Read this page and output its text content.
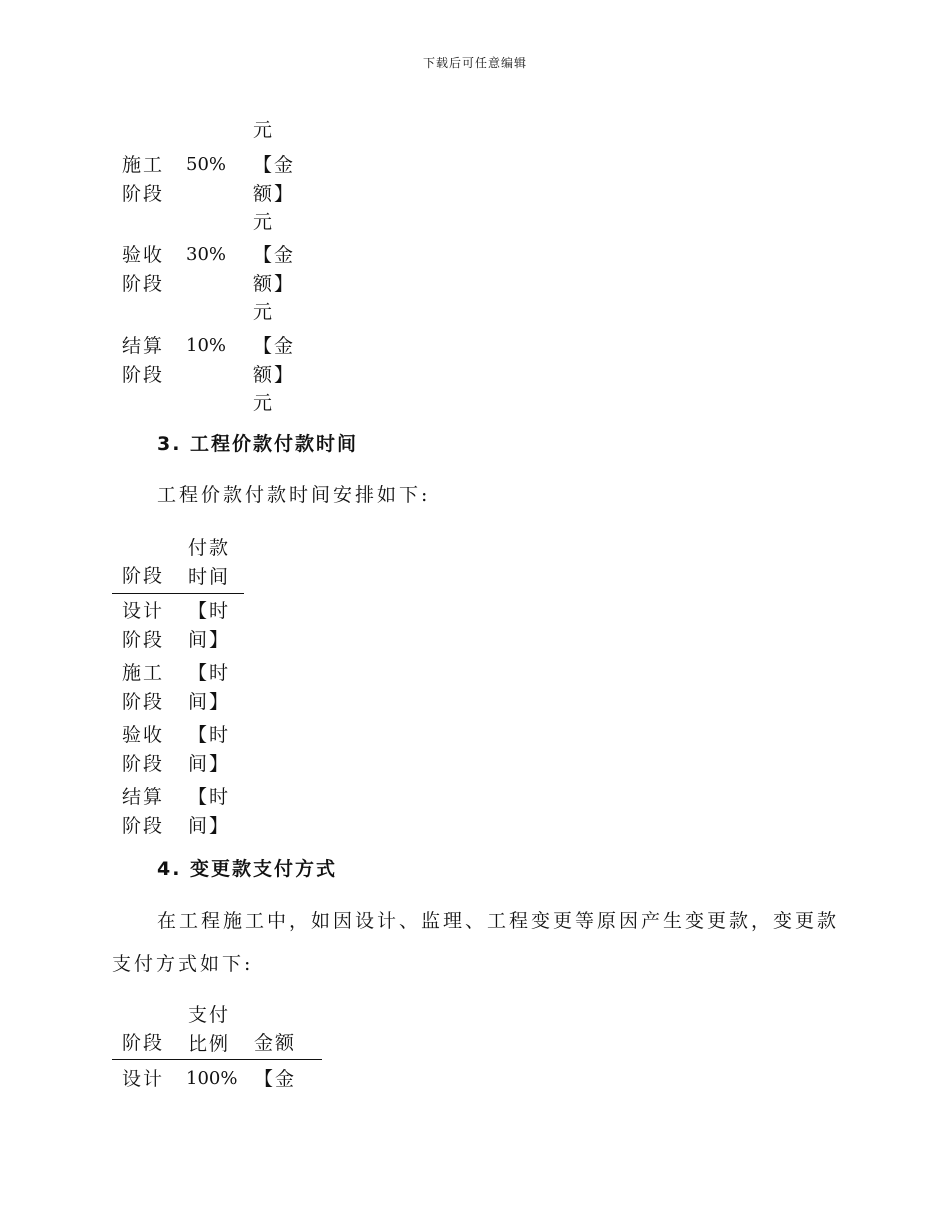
下载后可任意编辑
元
施工
阶段
50% 【金
额】
元
验收
阶段
30% 【金
额】
元
结算
阶段
10% 【金
额】
元
3. 工程价款付款时间
工程价款付款时间安排如下:
阶段
付款
时间
设计
阶段
【时
间】
施工
阶段
【时
间】
验收
阶段
【时
间】
结算
阶段
【时
间】
4. 变更款支付方式
在工程施工中，如因设计、监理、工程变更等原因产生变更款，变更款
支付方式如下:
阶段
支付
比例 金额
设计 100% 【金
